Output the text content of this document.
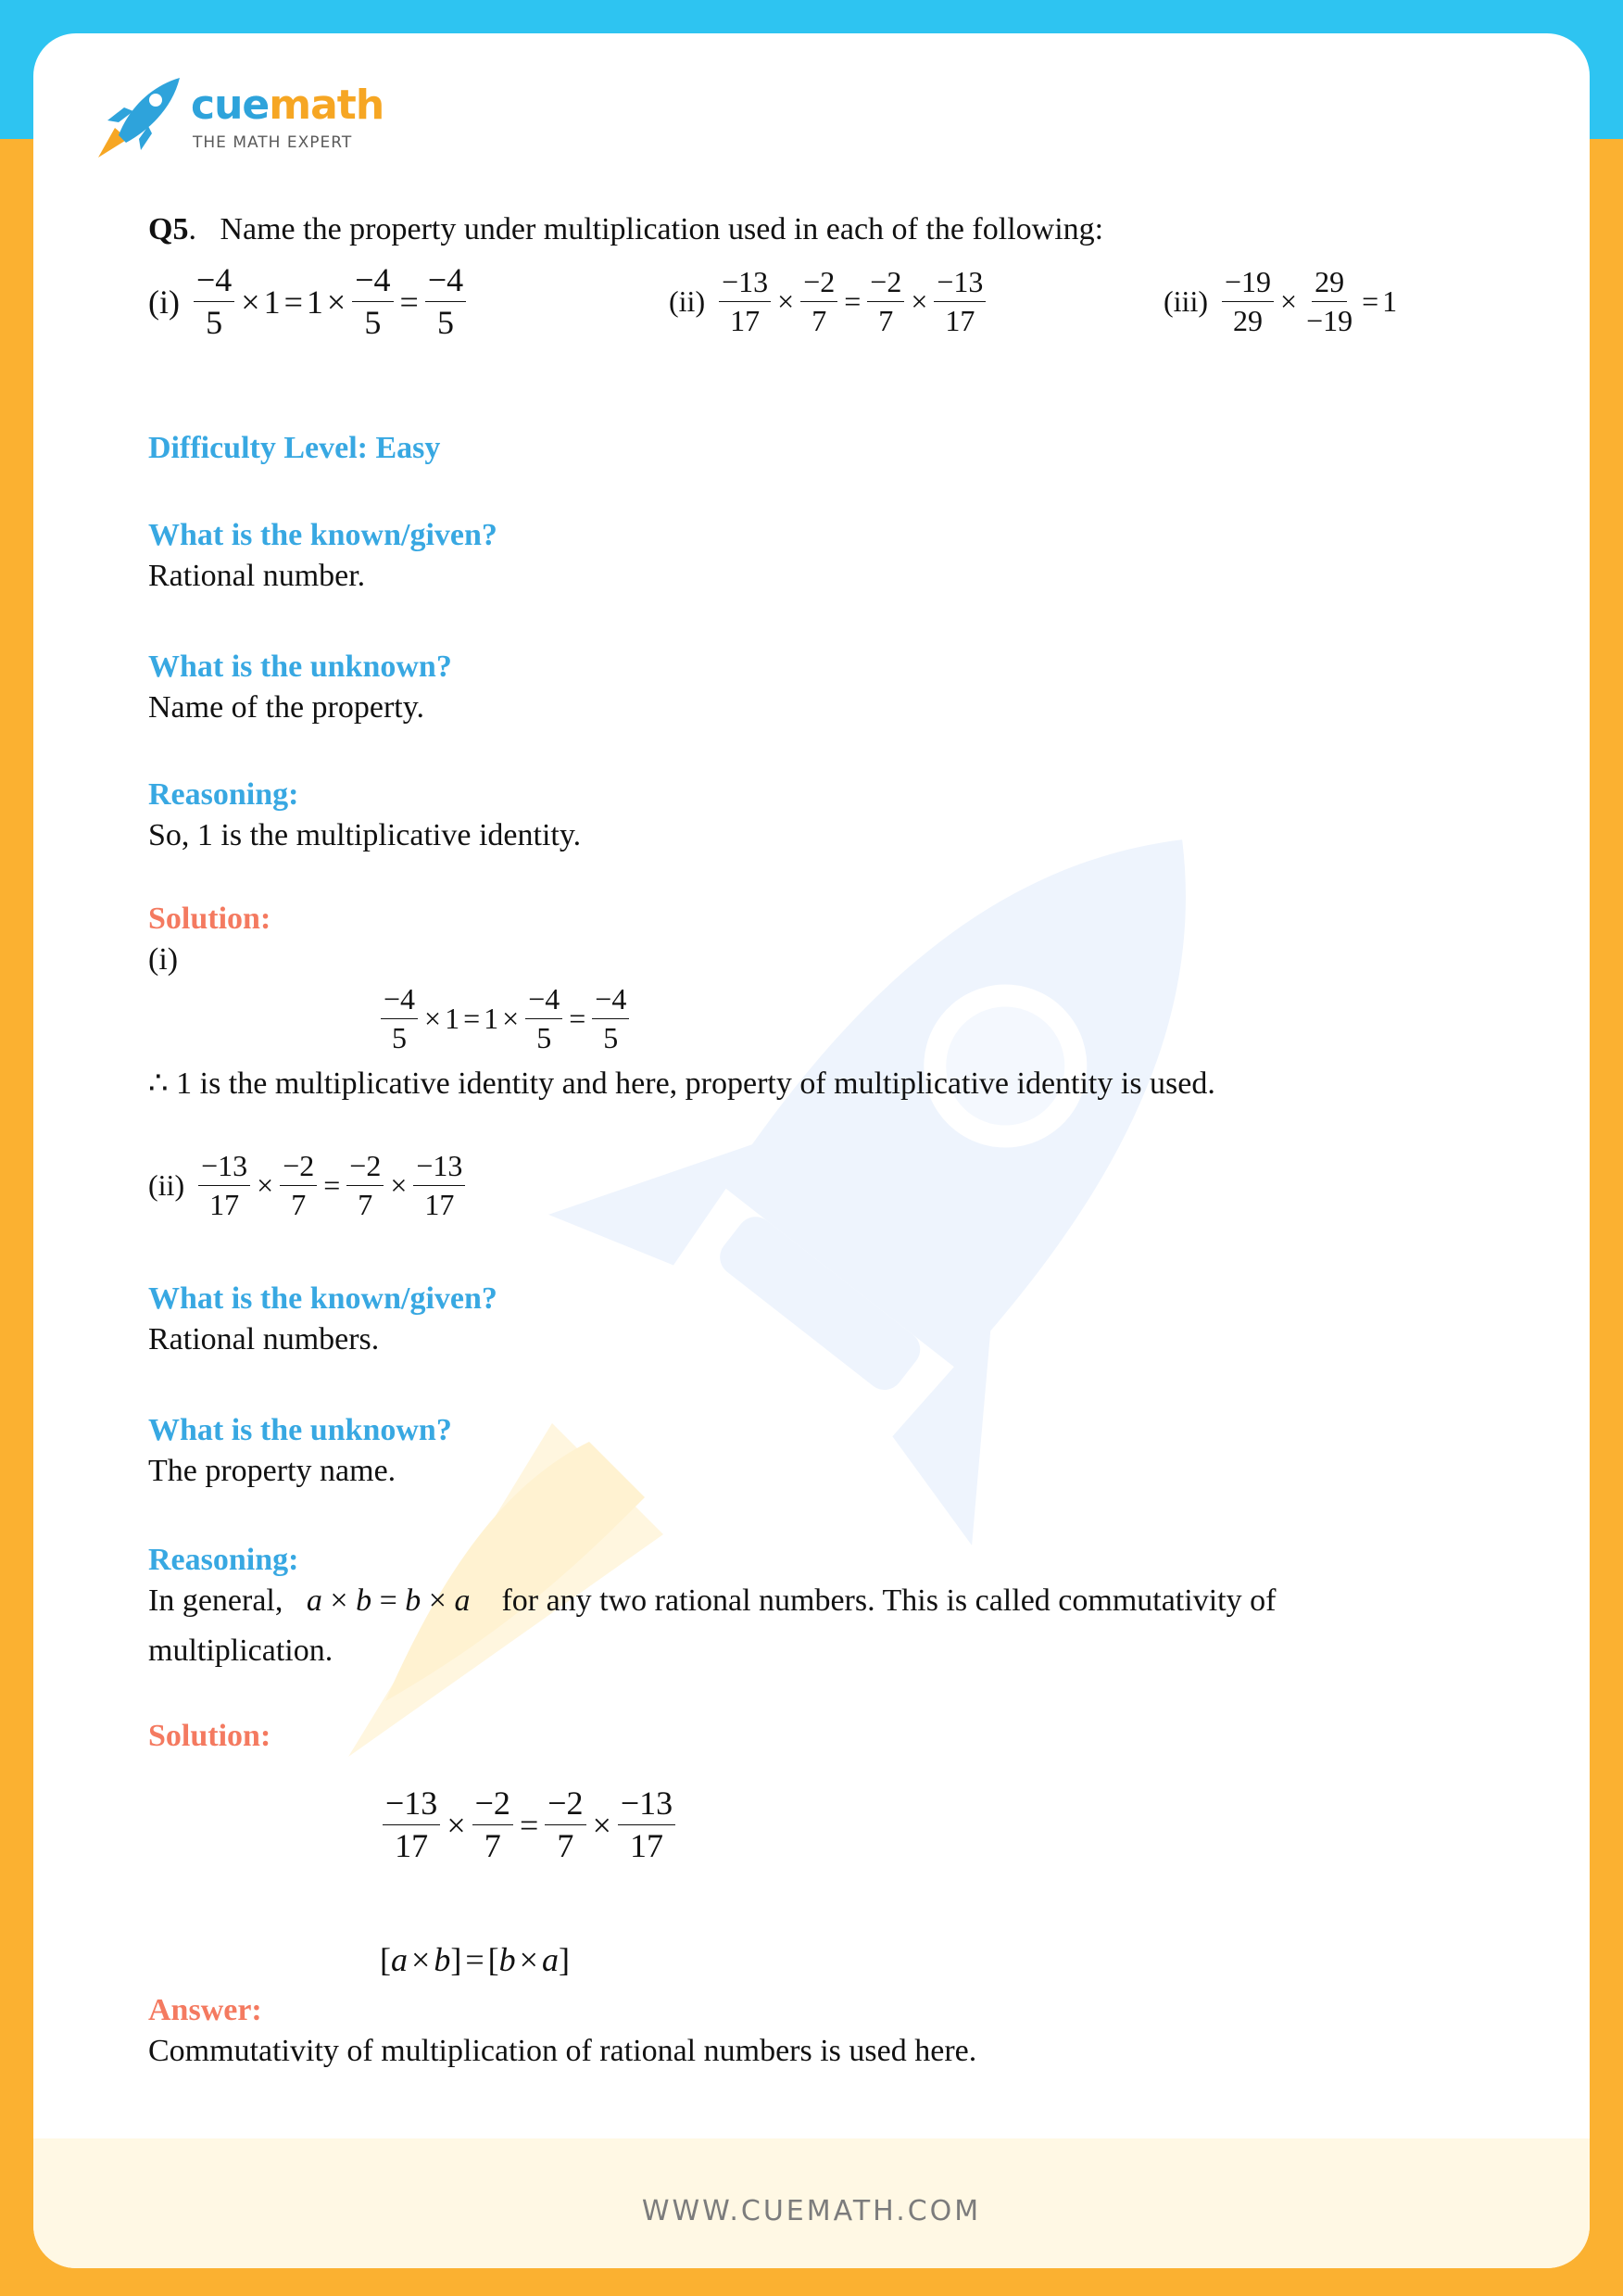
cuemath
THE MATH EXPERT
Q5. Name the property under multiplication used in each of the following:
$(i) \frac{-4}{5} \times 1 = 1 \times \frac{-4}{5} = \frac{-4}{5}$	$(ii) \frac{-13}{17} \times \frac{-2}{7} = \frac{-2}{7} \times \frac{-13}{17}$	$(iii) \frac{-19}{29} \times \frac{29}{-19} = 1$
Difficulty Level: Easy
What is the known/given?
Rational number.
What is the unknown?
Name of the property.
Reasoning:
So, 1 is the multiplicative identity.
Solution:
(i)
$\frac{-4}{5} \times 1 = 1 \times \frac{-4}{5} = \frac{-4}{5}$
∴ 1 is the multiplicative identity and here, property of multiplicative identity is used.
$(ii) \frac{-13}{17} \times \frac{-2}{7} = \frac{-2}{7} \times \frac{-13}{17}$
What is the known/given?
Rational numbers.
What is the unknown?
The property name.
Reasoning:
In general, a × b = b × a for any two rational numbers. This is called commutativity of
multiplication.
Solution:
$\frac{-13}{17} \times \frac{-2}{7} = \frac{-2}{7} \times \frac{-13}{17}$
[ a × b ] = [ b × a ]
Answer:
Commutativity of multiplication of rational numbers is used here.
WWW.CUEMATH.COM
